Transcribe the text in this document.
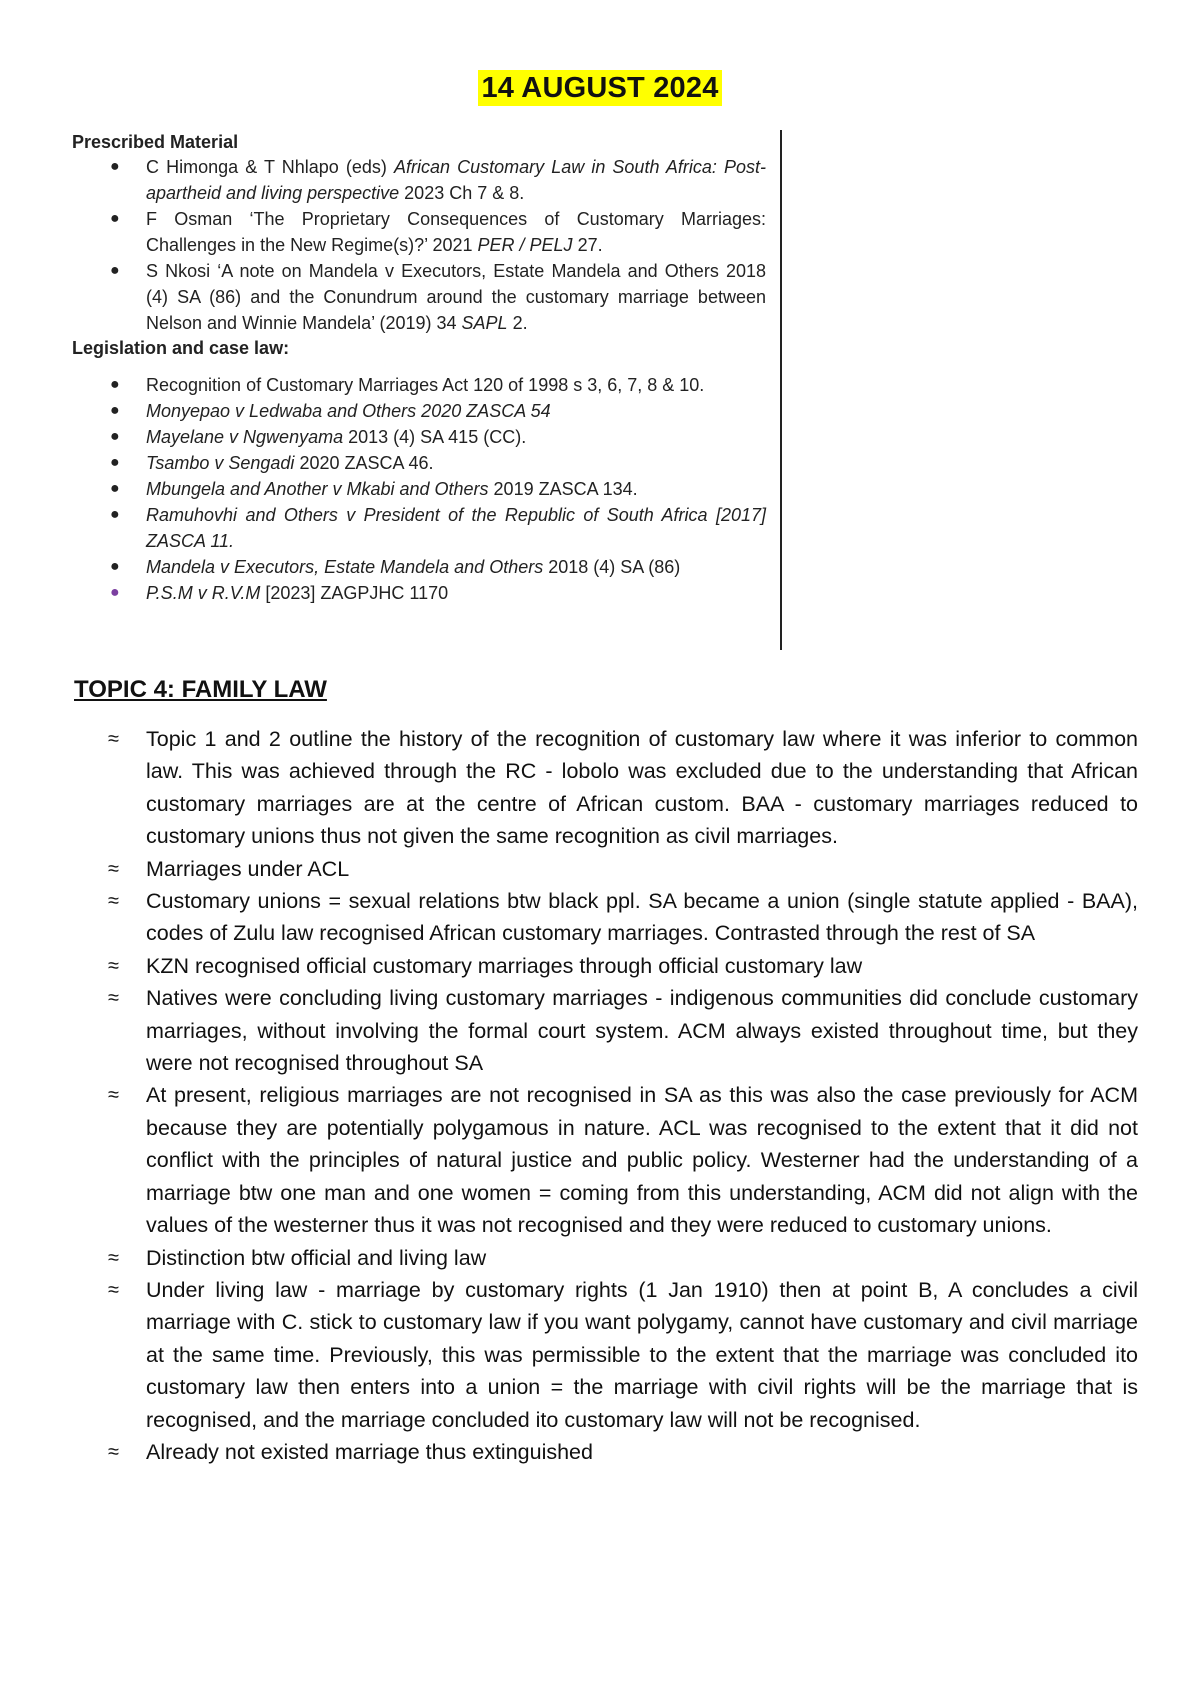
14 AUGUST 2024

Prescribed Material

● C Himonga & T Nhlapo (eds) African Customary Law in South Africa: Post-apartheid and living perspective 2023 Ch 7 & 8.
● F Osman ‘The Proprietary Consequences of Customary Marriages: Challenges in the New Regime(s)?’ 2021 PER / PELJ 27.
● S Nkosi ‘A note on Mandela v Executors, Estate Mandela and Others 2018 (4) SA (86) and the Conundrum around the customary marriage between Nelson and Winnie Mandela’ (2019) 34 SAPL 2.

Legislation and case law:

● Recognition of Customary Marriages Act 120 of 1998 s 3, 6, 7, 8 & 10.
● Monyepao v Ledwaba and Others 2020 ZASCA 54
● Mayelane v Ngwenyama 2013 (4) SA 415 (CC).
● Tsambo v Sengadi 2020 ZASCA 46.
● Mbungela and Another v Mkabi and Others 2019 ZASCA 134.
● Ramuhovhi and Others v President of the Republic of South Africa [2017] ZASCA 11.
● Mandela v Executors, Estate Mandela and Others 2018 (4) SA (86)
● P.S.M v R.V.M [2023] ZAGPJHC 1170
TOPIC 4: FAMILY LAW
≈ Topic 1 and 2 outline the history of the recognition of customary law where it was inferior to common law. This was achieved through the RC - lobolo was excluded due to the understanding that African customary marriages are at the centre of African custom. BAA - customary marriages reduced to customary unions thus not given the same recognition as civil marriages.
≈ Marriages under ACL
≈ Customary unions = sexual relations btw black ppl. SA became a union (single statute applied - BAA), codes of Zulu law recognised African customary marriages. Contrasted through the rest of SA
≈ KZN recognised official customary marriages through official customary law
≈ Natives were concluding living customary marriages - indigenous communities did conclude customary marriages, without involving the formal court system. ACM always existed throughout time, but they were not recognised throughout SA
≈ At present, religious marriages are not recognised in SA as this was also the case previously for ACM because they are potentially polygamous in nature. ACL was recognised to the extent that it did not conflict with the principles of natural justice and public policy. Westerner had the understanding of a marriage btw one man and one women = coming from this understanding, ACM did not align with the values of the westerner thus it was not recognised and they were reduced to customary unions.
≈ Distinction btw official and living law
≈ Under living law - marriage by customary rights (1 Jan 1910) then at point B, A concludes a civil marriage with C. stick to customary law if you want polygamy, cannot have customary and civil marriage at the same time. Previously, this was permissible to the extent that the marriage was concluded ito customary law then enters into a union = the marriage with civil rights will be the marriage that is recognised, and the marriage concluded ito customary law will not be recognised.
≈ Already not existed marriage thus extinguished
